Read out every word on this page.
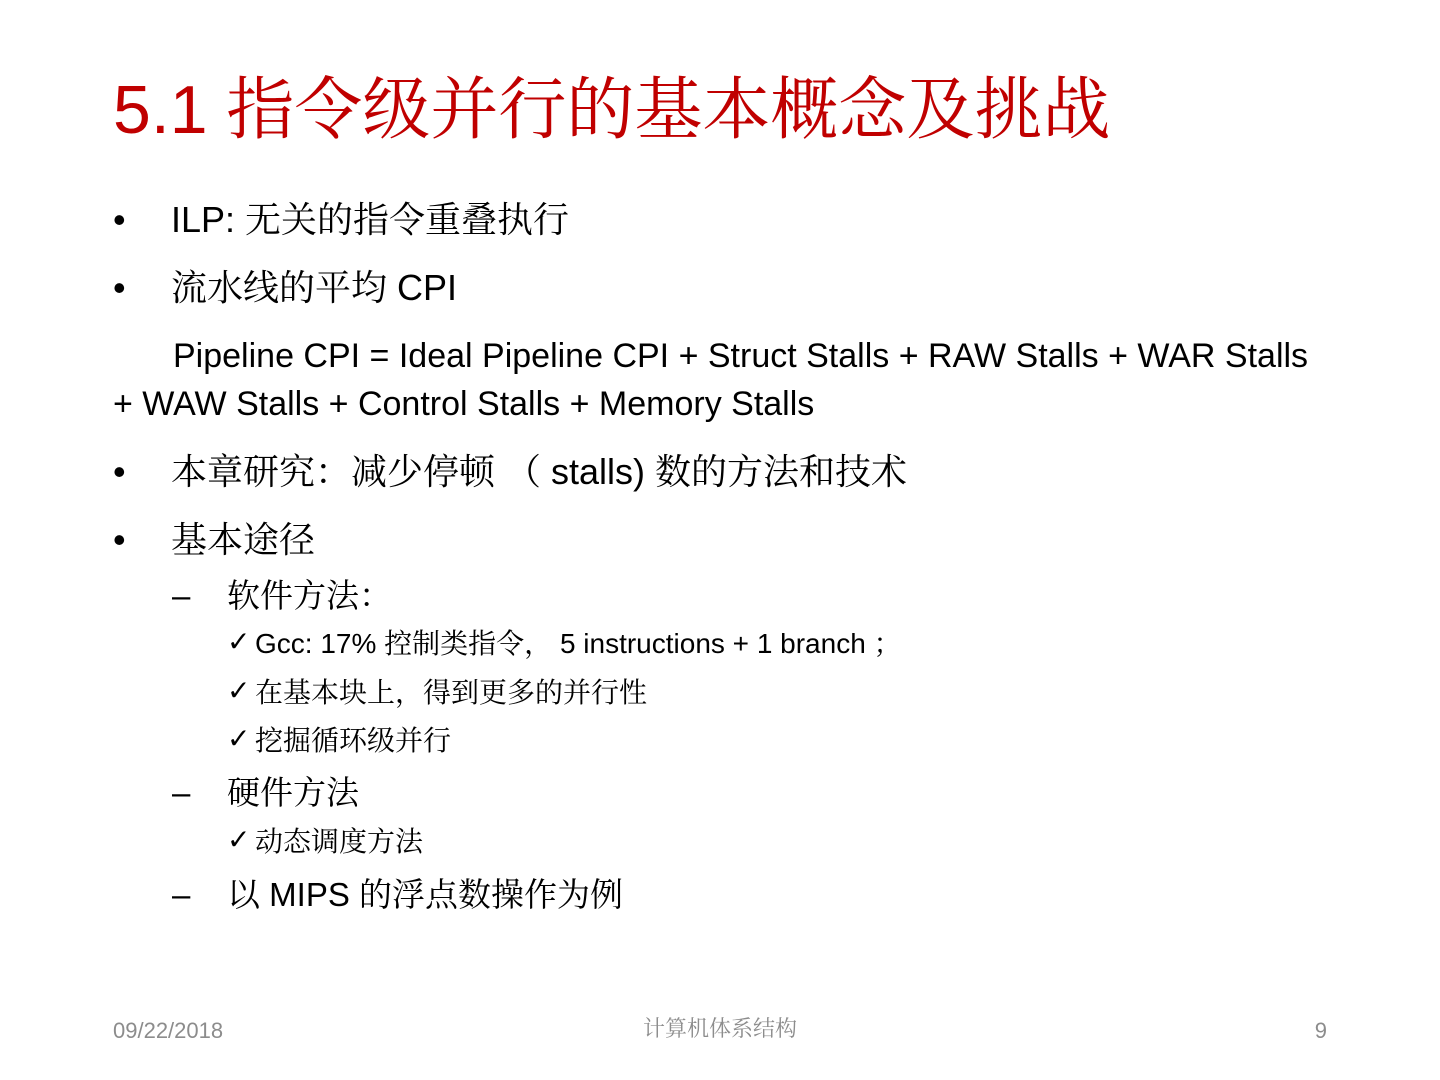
5.1 指令级并行的基本概念及挑战
• ILP: 无关的指令重叠执行
• 流水线的平均 CPI
Pipeline CPI = Ideal Pipeline CPI + Struct Stalls + RAW Stalls + WAR Stalls + WAW Stalls + Control Stalls + Memory Stalls
• 本章研究：减少停顿 （ stalls) 数的方法和技术
• 基本途径
– 软件方法：
✓ Gcc: 17% 控制类指令， 5 instructions + 1 branch ；
✓ 在基本块上，得到更多的并行性
✓ 挖掘循环级并行
– 硬件方法
✓ 动态调度方法
– 以 MIPS 的浮点数操作为例
09/22/2018	计算机体系结构	9
